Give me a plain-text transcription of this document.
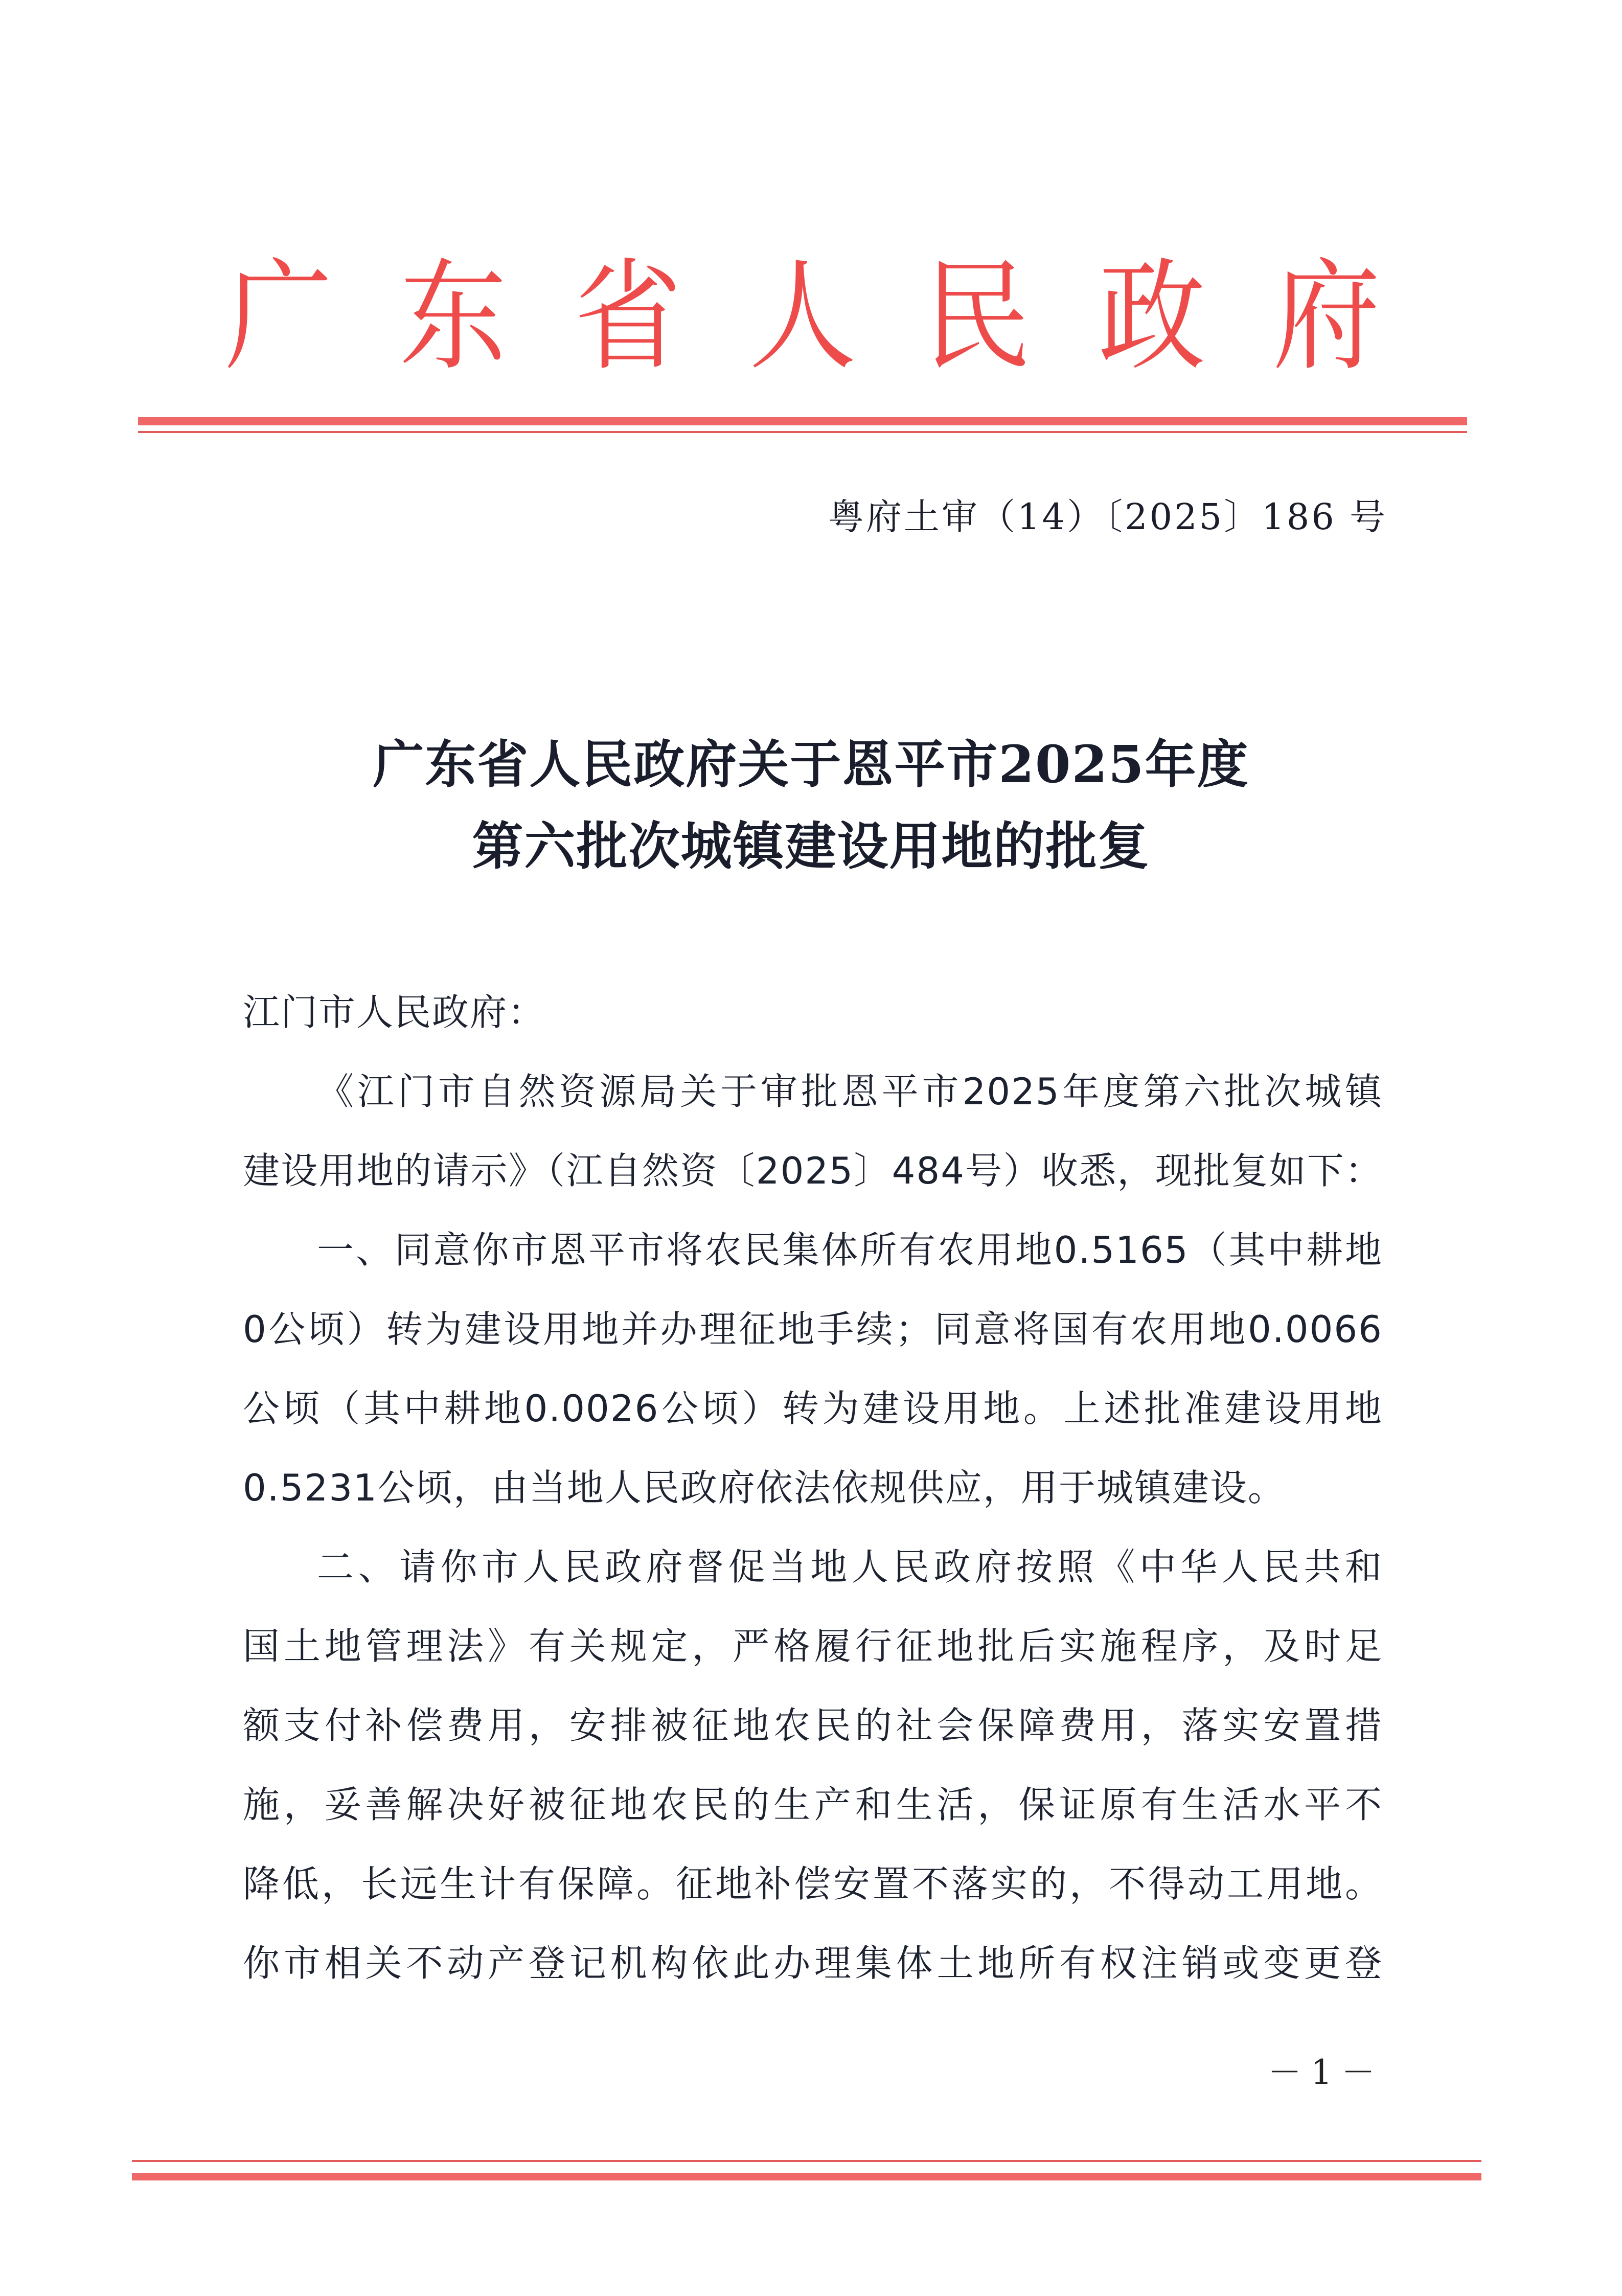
广 东 省 人 民 政 府
粤府土审（14）〔2025〕186 号
广东省人民政府关于恩平市2025年度
第六批次城镇建设用地的批复
江门市人民政府：
《江门市自然资源局关于审批恩平市2025年度第六批次城镇
建设用地的请示》（江自然资〔2025〕484号）收悉，现批复如下：
一、同意你市恩平市将农民集体所有农用地0.5165（其中耕地
0公顷）转为建设用地并办理征地手续；同意将国有农用地0.0066
公顷（其中耕地0.0026公顷）转为建设用地。上述批准建设用地
0.5231公顷，由当地人民政府依法依规供应，用于城镇建设。
二、请你市人民政府督促当地人民政府按照《中华人民共和
国土地管理法》有关规定，严格履行征地批后实施程序，及时足
额支付补偿费用，安排被征地农民的社会保障费用，落实安置措
施，妥善解决好被征地农民的生产和生活，保证原有生活水平不
降低，长远生计有保障。征地补偿安置不落实的，不得动工用地。
你市相关不动产登记机构依此办理集体土地所有权注销或变更登
－1－
